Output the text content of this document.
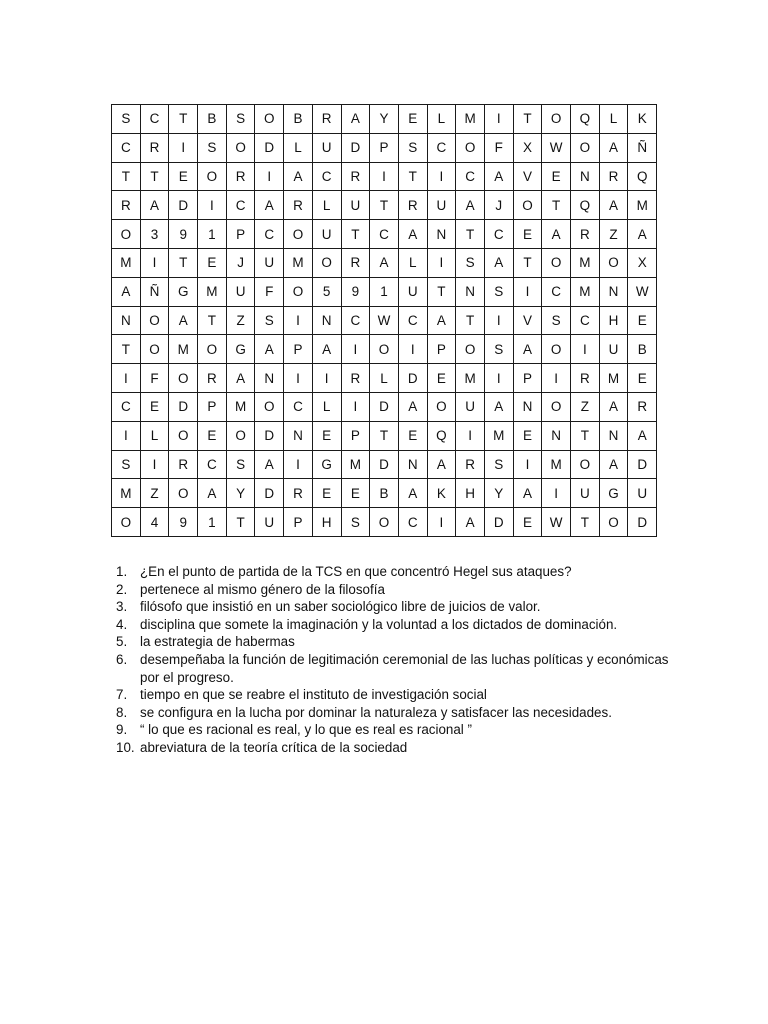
S	C	T	B	S	O	B	R	A	Y	E	L	M	I	T	O	Q	L	K
C	R	I	S	O	D	L	U	D	P	S	C	O	F	X	W	O	A	Ñ
T	T	E	O	R	I	A	C	R	I	T	I	C	A	V	E	N	R	Q
R	A	D	I	C	A	R	L	U	T	R	U	A	J	O	T	Q	A	M
O	3	9	1	P	C	O	U	T	C	A	N	T	C	E	A	R	Z	A
M	I	T	E	J	U	M	O	R	A	L	I	S	A	T	O	M	O	X
A	Ñ	G	M	U	F	O	5	9	1	U	T	N	S	I	C	M	N	W
N	O	A	T	Z	S	I	N	C	W	C	A	T	I	V	S	C	H	E
T	O	M	O	G	A	P	A	I	O	I	P	O	S	A	O	I	U	B
I	F	O	R	A	N	I	I	R	L	D	E	M	I	P	I	R	M	E
C	E	D	P	M	O	C	L	I	D	A	O	U	A	N	O	Z	A	R
I	L	O	E	O	D	N	E	P	T	E	Q	I	M	E	N	T	N	A
S	I	R	C	S	A	I	G	M	D	N	A	R	S	I	M	O	A	D
M	Z	O	A	Y	D	R	E	E	B	A	K	H	Y	A	I	U	G	U
O	4	9	1	T	U	P	H	S	O	C	I	A	D	E	W	T	O	D
1. ¿En el punto de partida de la TCS en que concentró Hegel sus ataques?
2. pertenece al mismo género de la filosofía
3. filósofo que insistió en un saber sociológico libre de juicios de valor.
4. disciplina que somete la imaginación y la voluntad a los dictados de dominación.
5. la estrategia de habermas
6. desempeñaba la función de legitimación ceremonial de las luchas políticas y económicas por el progreso.
7. tiempo en que se reabre el instituto de investigación social
8. se configura en la lucha por dominar la naturaleza y satisfacer las necesidades.
9. “ lo que es racional es real, y lo que es real es racional ”
10. abreviatura de la teoría crítica de la sociedad
